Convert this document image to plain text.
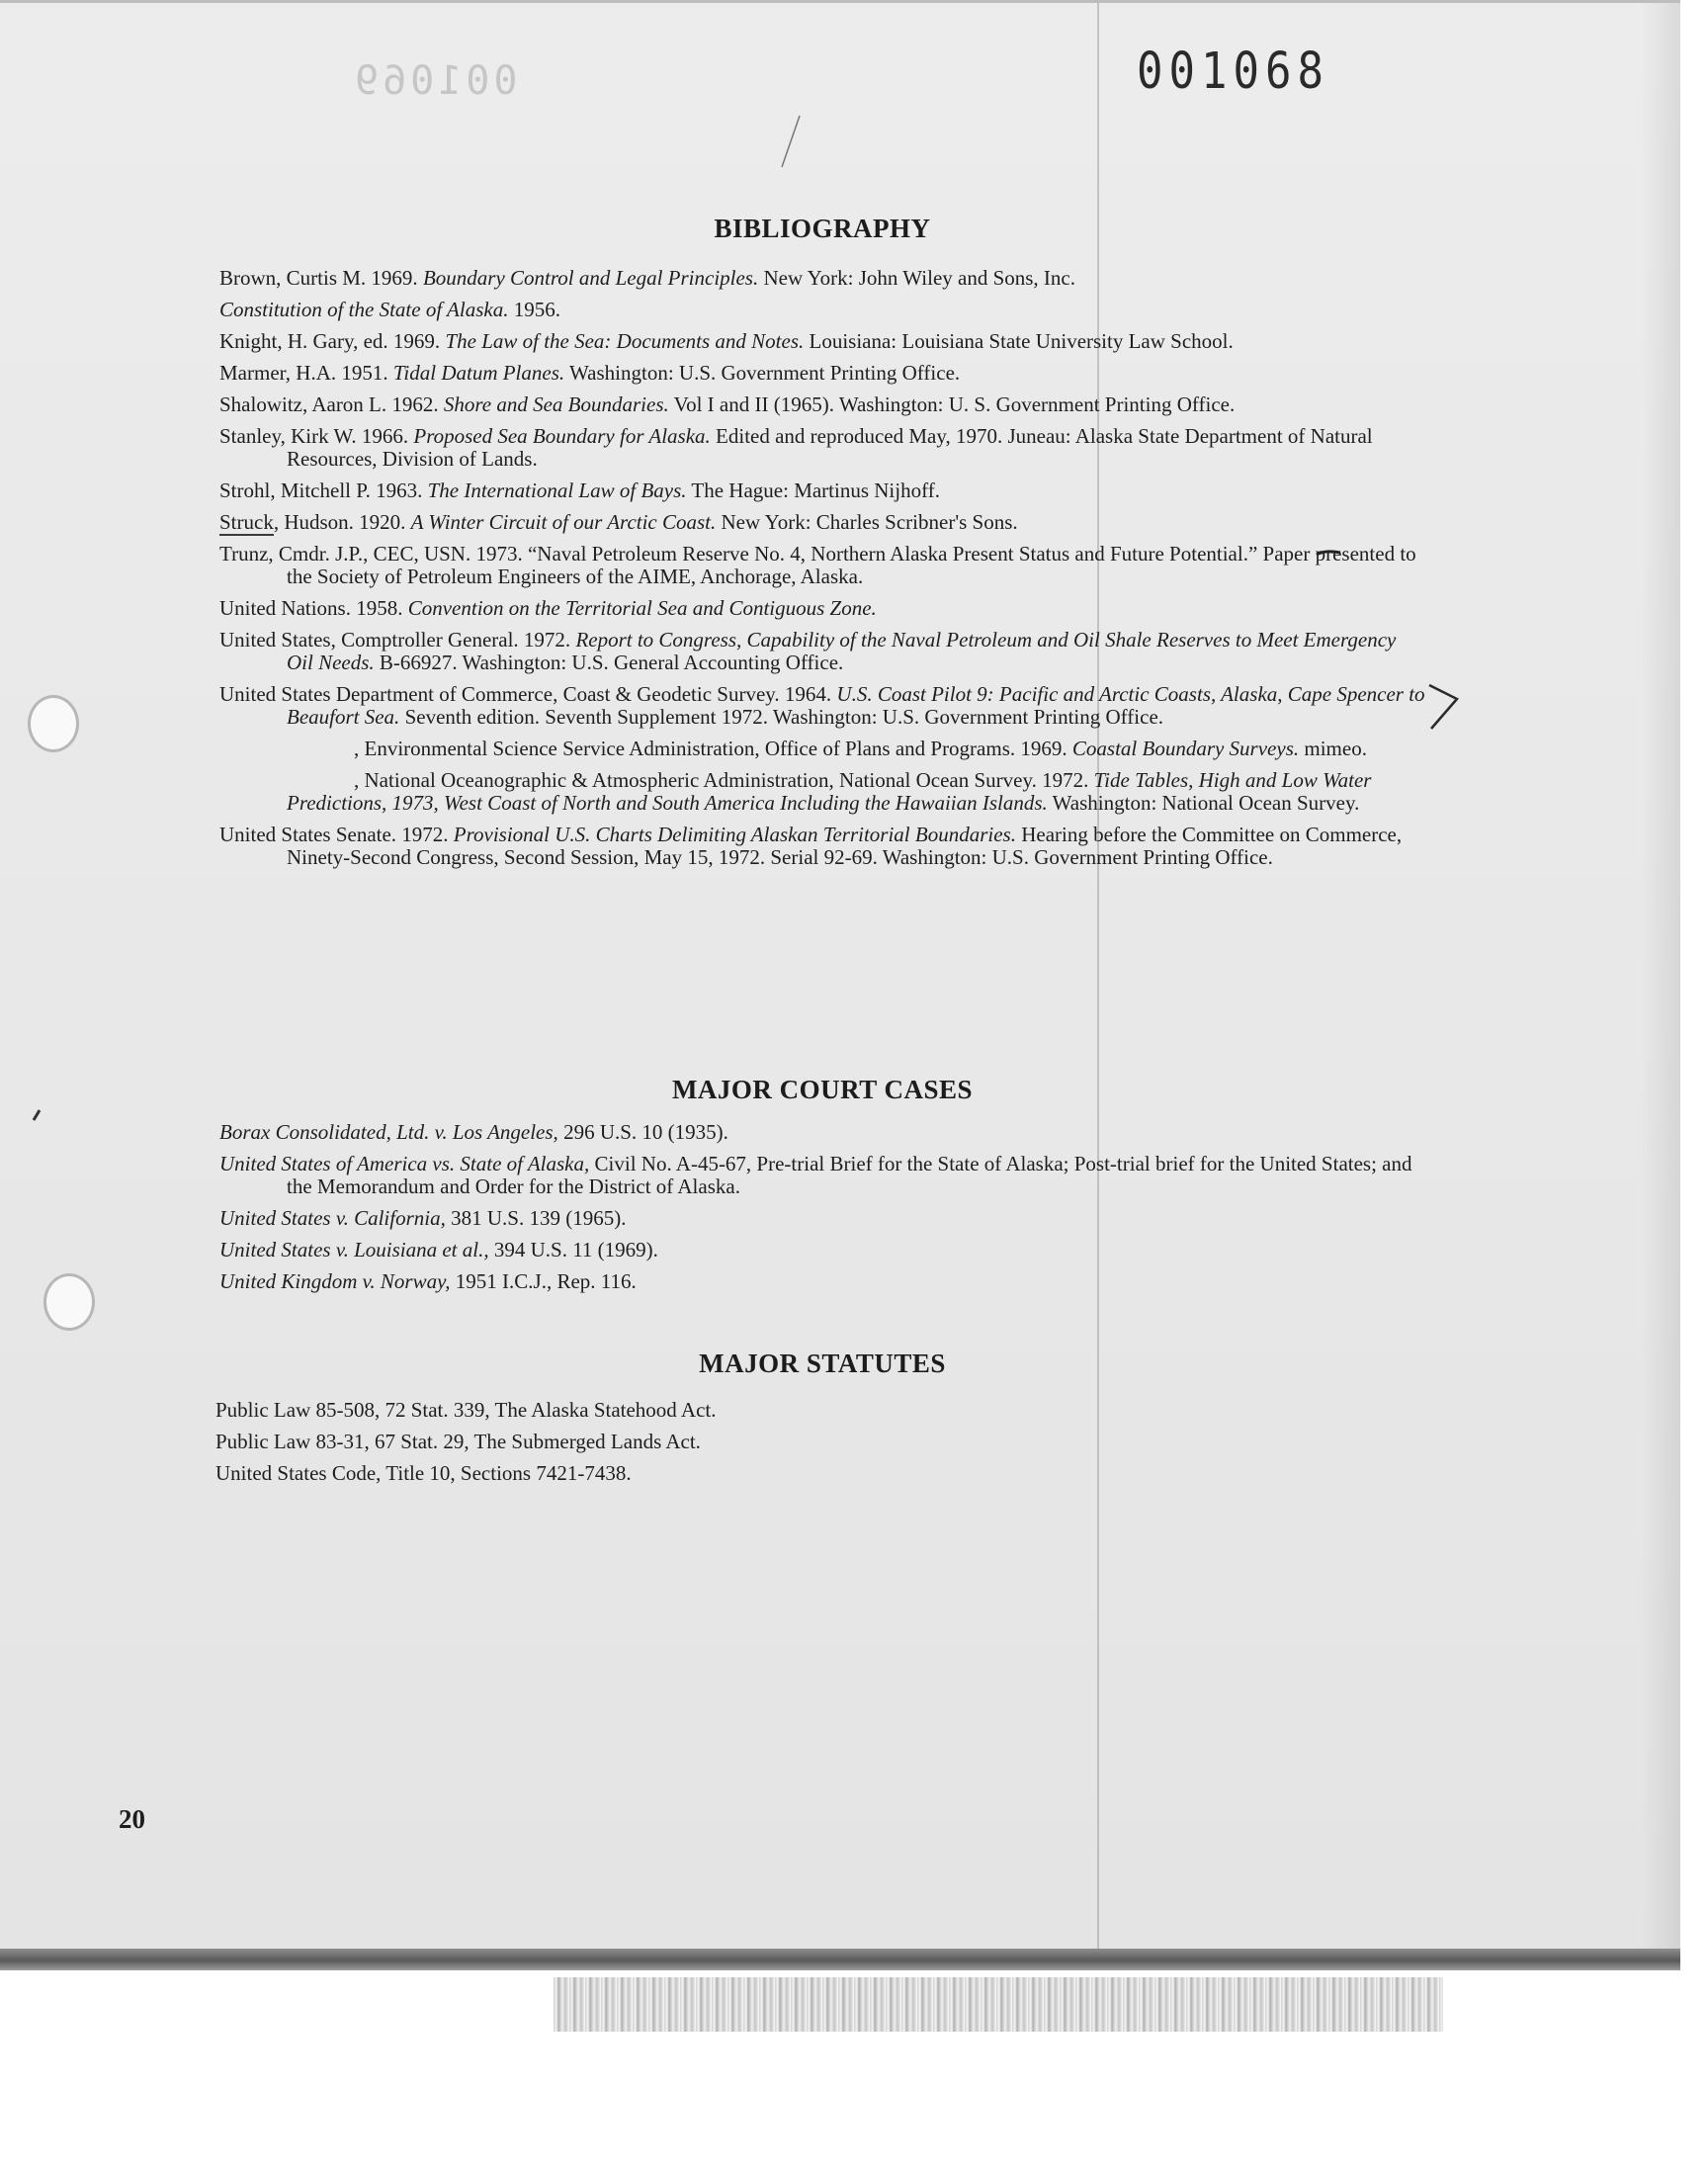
001069	001068
BIBLIOGRAPHY
Brown, Curtis M. 1969. Boundary Control and Legal Principles. New York: John Wiley and Sons, Inc.
Constitution of the State of Alaska. 1956.
Knight, H. Gary, ed. 1969. The Law of the Sea: Documents and Notes. Louisiana: Louisiana State University Law School.
Marmer, H.A. 1951. Tidal Datum Planes. Washington: U.S. Government Printing Office.
Shalowitz, Aaron L. 1962. Shore and Sea Boundaries. Vol I and II (1965). Washington: U. S. Government Printing Office.
Stanley, Kirk W. 1966. Proposed Sea Boundary for Alaska. Edited and reproduced May, 1970. Juneau: Alaska State Department of Natural Resources, Division of Lands.
Strohl, Mitchell P. 1963. The International Law of Bays. The Hague: Martinus Nijhoff.
Struck, Hudson. 1920. A Winter Circuit of our Arctic Coast. New York: Charles Scribner's Sons.
Trunz, Cmdr. J.P., CEC, USN. 1973. “Naval Petroleum Reserve No. 4, Northern Alaska Present Status and Future Potential.” Paper presented to the Society of Petroleum Engineers of the AIME, Anchorage, Alaska.
United Nations. 1958. Convention on the Territorial Sea and Contiguous Zone.
United States, Comptroller General. 1972. Report to Congress, Capability of the Naval Petroleum and Oil Shale Reserves to Meet Emergency Oil Needs. B-66927. Washington: U.S. General Accounting Office.
United States Department of Commerce, Coast & Geodetic Survey. 1964. U.S. Coast Pilot 9: Pacific and Arctic Coasts, Alaska, Cape Spencer to Beaufort Sea. Seventh edition. Seventh Supplement 1972. Washington: U.S. Government Printing Office.
, Environmental Science Service Administration, Office of Plans and Programs. 1969. Coastal Boundary Surveys. mimeo.
, National Oceanographic & Atmospheric Administration, National Ocean Survey. 1972. Tide Tables, High and Low Water Predictions, 1973, West Coast of North and South America Including the Hawaiian Islands. Washington: National Ocean Survey.
United States Senate. 1972. Provisional U.S. Charts Delimiting Alaskan Territorial Boundaries. Hearing before the Committee on Commerce, Ninety-Second Congress, Second Session, May 15, 1972. Serial 92-69. Washington: U.S. Government Printing Office.
MAJOR COURT CASES
Borax Consolidated, Ltd. v. Los Angeles, 296 U.S. 10 (1935).
United States of America vs. State of Alaska, Civil No. A-45-67, Pre-trial Brief for the State of Alaska; Post-trial brief for the United States; and the Memorandum and Order for the District of Alaska.
United States v. California, 381 U.S. 139 (1965).
United States v. Louisiana et al., 394 U.S. 11 (1969).
United Kingdom v. Norway, 1951 I.C.J., Rep. 116.
MAJOR STATUTES
Public Law 85-508, 72 Stat. 339, The Alaska Statehood Act.
Public Law 83-31, 67 Stat. 29, The Submerged Lands Act.
United States Code, Title 10, Sections 7421-7438.
20
